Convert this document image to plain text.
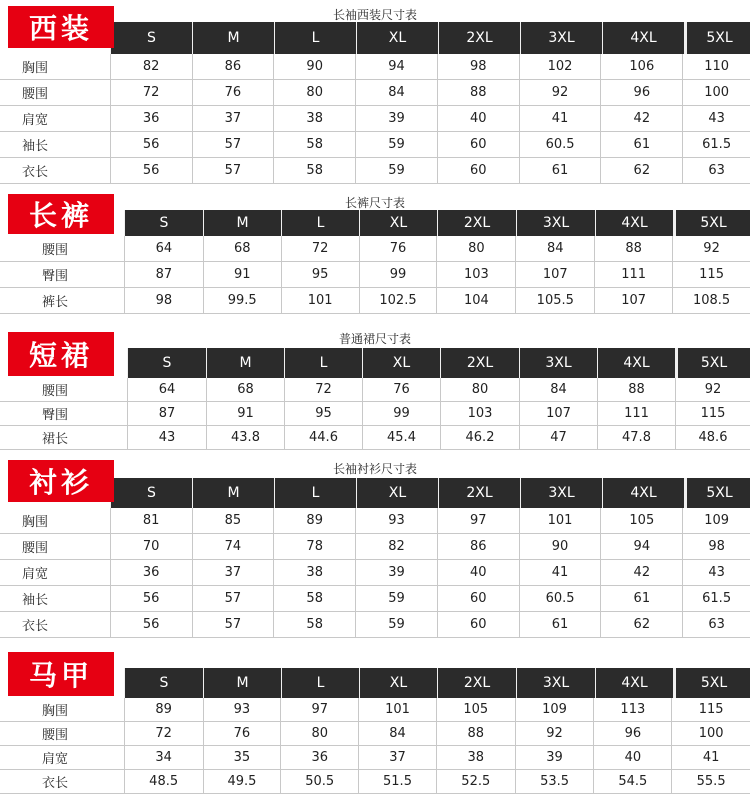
西装	长袖西装尺寸表
S	M	L	XL	2XL	3XL	4XL	5XL
胸围	82	86	90	94	98	102	106	110
腰围	72	76	80	84	88	92	96	100
肩宽	36	37	38	39	40	41	42	43
袖长	56	57	58	59	60	60.5	61	61.5
衣长	56	57	58	59	60	61	62	63
长裤	长裤尺寸表
S	M	L	XL	2XL	3XL	4XL	5XL
腰围	64	68	72	76	80	84	88	92
臀围	87	91	95	99	103	107	111	115
裤长	98	99.5	101	102.5	104	105.5	107	108.5
短裙	普通裙尺寸表
S	M	L	XL	2XL	3XL	4XL	5XL
腰围	64	68	72	76	80	84	88	92
臀围	87	91	95	99	103	107	111	115
裙长	43	43.8	44.6	45.4	46.2	47	47.8	48.6
衬衫	长袖衬衫尺寸表
S	M	L	XL	2XL	3XL	4XL	5XL
胸围	81	85	89	93	97	101	105	109
腰围	70	74	78	82	86	90	94	98
肩宽	36	37	38	39	40	41	42	43
袖长	56	57	58	59	60	60.5	61	61.5
衣长	56	57	58	59	60	61	62	63
马甲	S	M	L	XL	2XL	3XL	4XL	5XL
胸围	89	93	97	101	105	109	113	115
腰围	72	76	80	84	88	92	96	100
肩宽	34	35	36	37	38	39	40	41
衣长	48.5	49.5	50.5	51.5	52.5	53.5	54.5	55.5
